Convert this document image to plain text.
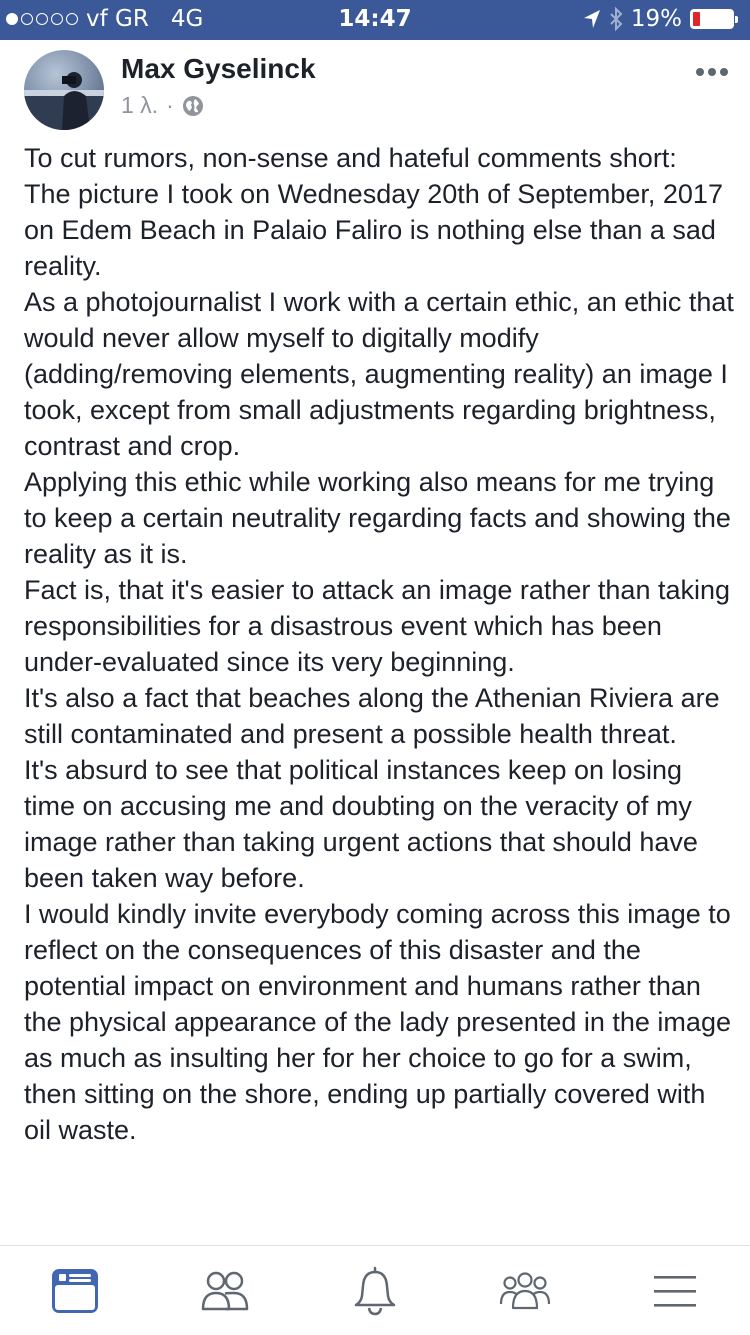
vf GR 4G	14:47	19%
Max Gyselinck
1 λ. ·

To cut rumors, non-sense and hateful comments short:

The picture I took on Wednesday 20th of September, 2017 on Edem Beach in Palaio Faliro is nothing else than a sad reality.

As a photojournalist I work with a certain ethic, an ethic that would never allow myself to digitally modify (adding/removing elements, augmenting reality) an image I took, except from small adjustments regarding brightness, contrast and crop.

Applying this ethic while working also means for me trying to keep a certain neutrality regarding facts and showing the reality as it is.

Fact is, that it's easier to attack an image rather than taking responsibilities for a disastrous event which has been under-evaluated since its very beginning.

It's also a fact that beaches along the Athenian Riviera are still contaminated and present a possible health threat.

It's absurd to see that political instances keep on losing time on accusing me and doubting on the veracity of my image rather than taking urgent actions that should have been taken way before.

I would kindly invite everybody coming across this image to reflect on the consequences of this disaster and the potential impact on environment and humans rather than the physical appearance of the lady presented in the image as much as insulting her for her choice to go for a swim, then sitting on the shore, ending up partially covered with oil waste.
